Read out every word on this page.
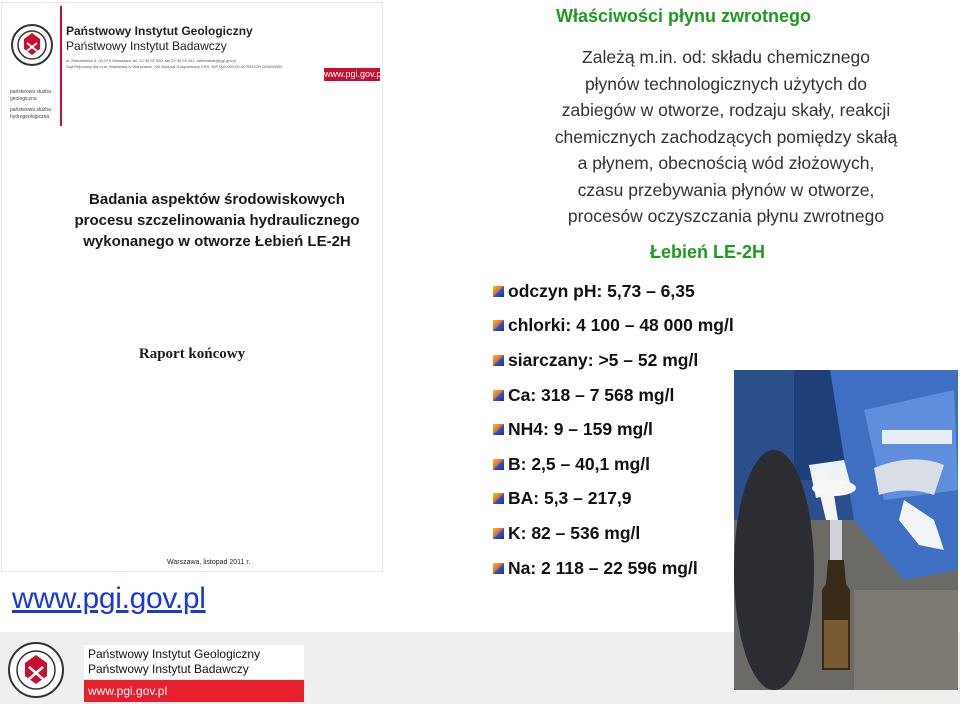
państwowa służba geologiczna
państwowa służba hydrogeologiczna
Państwowy Instytut Geologiczny
Państwowy Instytut Badawczy
ul. Rakowiecka 4, 00-975 Warszawa, tel. 22 45 92 000, fax 22 45 92 441, sekretariat@pgi.gov.pl
Sąd Rejonowy dla m.st. Warszawy w Warszawie, XIII Wydział Gospodarczy KRS, NIP 000-000-00-00 REGON 000000000
www.pgi.gov.pl
Badania aspektów środowiskowych
procesu szczelinowania hydraulicznego
wykonanego w otworze Łebień LE-2H
Raport końcowy
Warszawa, listopad 2011 r.
www.pgi.gov.pl
Państwowy Instytut Geologiczny
Państwowy Instytut Badawczy
www.pgi.gov.pl
Właściwości płynu zwrotnego
Zależą m.in. od: składu chemicznego
płynów technologicznych użytych do
zabiegów w otworze, rodzaju skały, reakcji
chemicznych zachodzących pomiędzy skałą
a płynem, obecnością wód złożowych,
czasu przebywania płynów w otworze,
procesów oczyszczania płynu zwrotnego
Łebień LE-2H
odczyn pH: 5,73 – 6,35
chlorki: 4 100 – 48 000 mg/l
siarczany: >5 – 52 mg/l
Ca: 318 – 7 568 mg/l
NH4: 9 – 159 mg/l
B: 2,5 – 40,1 mg/l
BA: 5,3 – 217,9
K: 82 – 536 mg/l
Na: 2 118 – 22 596 mg/l
